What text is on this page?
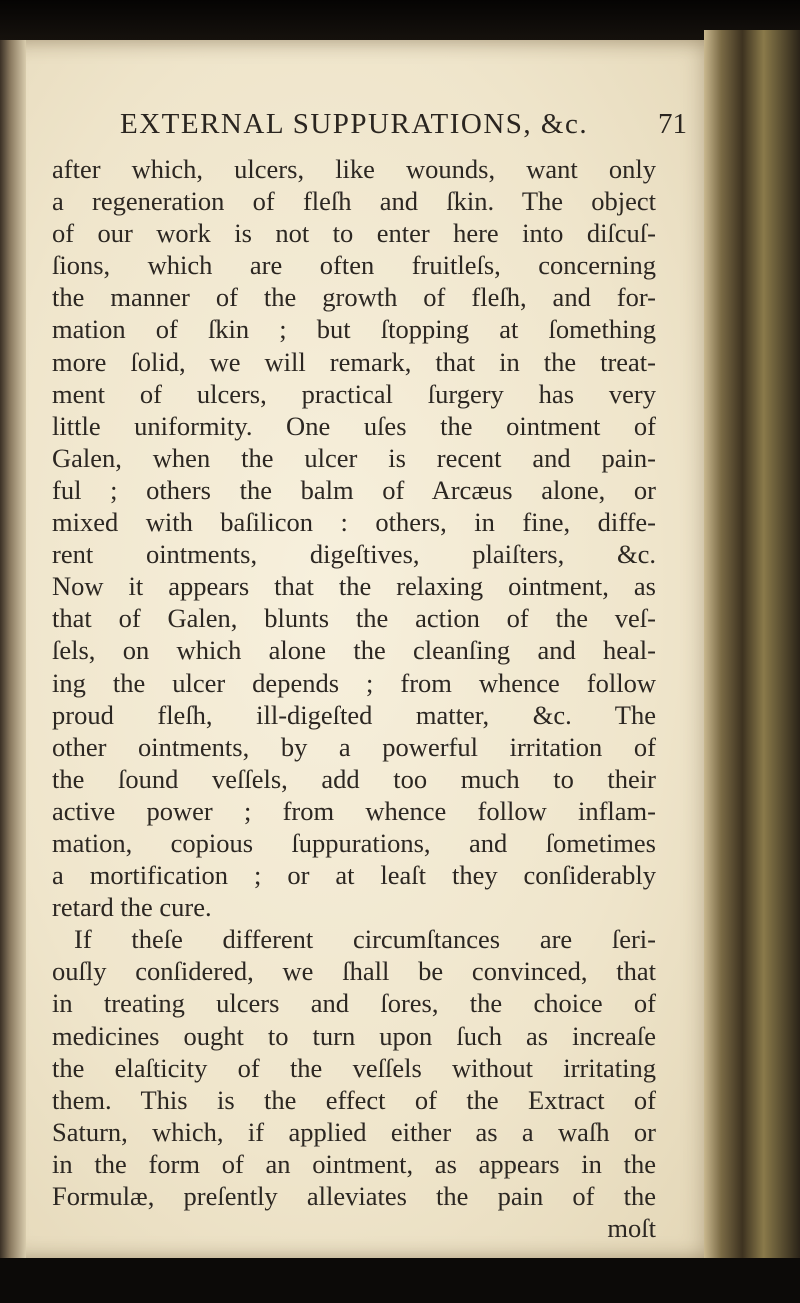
EXTERNAL SUPPURATIONS, &c. 71
after which, ulcers, like wounds, want only
a regeneration of fleſh and ſkin. The object
of our work is not to enter here into diſcuſ-
ſions, which are often fruitleſs, concerning
the manner of the growth of fleſh, and for-
mation of ſkin ; but ſtopping at ſomething
more ſolid, we will remark, that in the treat-
ment of ulcers, practical ſurgery has very
little uniformity. One uſes the ointment of
Galen, when the ulcer is recent and pain-
ful ; others the balm of Arcæus alone, or
mixed with baſilicon : others, in fine, diffe-
rent ointments, digeſtives, plaiſters, &c.
Now it appears that the relaxing ointment, as
that of Galen, blunts the action of the veſ-
ſels, on which alone the cleanſing and heal-
ing the ulcer depends ; from whence follow
proud fleſh, ill-digeſted matter, &c. The
other ointments, by a powerful irritation of
the ſound veſſels, add too much to their
active power ; from whence follow inflam-
mation, copious ſuppurations, and ſometimes
a mortification ; or at leaſt they conſiderably
retard the cure.
If theſe different circumſtances are ſeri-
ouſly conſidered, we ſhall be convinced, that
in treating ulcers and ſores, the choice of
medicines ought to turn upon ſuch as increaſe
the elaſticity of the veſſels without irritating
them. This is the effect of the Extract of
Saturn, which, if applied either as a waſh or
in the form of an ointment, as appears in the
Formulæ, preſently alleviates the pain of the
moſt
